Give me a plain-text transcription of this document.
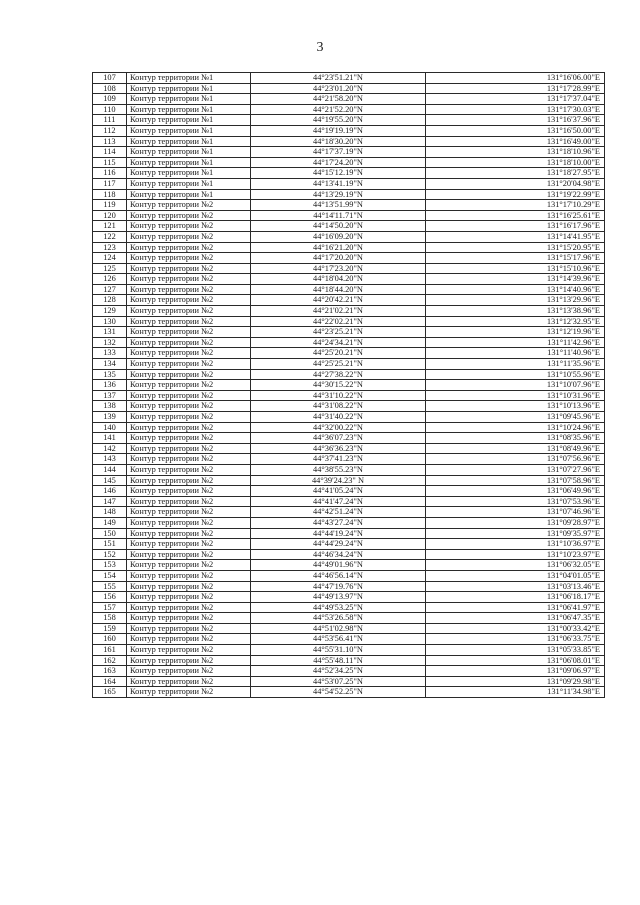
3
107	Контур территории №1	44°23'51.21"N	131°16'06.00"E
108	Контур территории №1	44°23'01.20"N	131°17'28.99"E
109	Контур территории №1	44°21'58.20"N	131°17'37.04"E
110	Контур территории №1	44°21'52.20"N	131°17'30.03"E
111	Контур территории №1	44°19'55.20"N	131°16'37.96"E
112	Контур территории №1	44°19'19.19"N	131°16'50.00"E
113	Контур территории №1	44°18'30.20"N	131°16'49.00"E
114	Контур территории №1	44°17'37.19"N	131°18'10.96"E
115	Контур территории №1	44°17'24.20"N	131°18'10.00"E
116	Контур территории №1	44°15'12.19"N	131°18'27.95"E
117	Контур территории №1	44°13'41.19"N	131°20'04.98"E
118	Контур территории №1	44°13'29.19"N	131°19'22.99"E
119	Контур территории №2	44°13'51.99"N	131°17'10.29"E
120	Контур территории №2	44°14'11.71"N	131°16'25.61"E
121	Контур территории №2	44°14'50.20"N	131°16'17.96"E
122	Контур территории №2	44°16'09.20"N	131°14'41.95"E
123	Контур территории №2	44°16'21.20"N	131°15'20.95"E
124	Контур территории №2	44°17'20.20"N	131°15'17.96"E
125	Контур территории №2	44°17'23.20"N	131°15'10.96"E
126	Контур территории №2	44°18'04.20"N	131°14'39.96"E
127	Контур территории №2	44°18'44.20"N	131°14'40.96"E
128	Контур территории №2	44°20'42.21"N	131°13'29.96"E
129	Контур территории №2	44°21'02.21"N	131°13'38.96"E
130	Контур территории №2	44°22'02.21"N	131°12'32.95"E
131	Контур территории №2	44°23'25.21"N	131°12'19.96"E
132	Контур территории №2	44°24'34.21"N	131°11'42.96"E
133	Контур территории №2	44°25'20.21"N	131°11'40.96"E
134	Контур территории №2	44°25'25.21"N	131°11'35.96"E
135	Контур территории №2	44°27'38.22"N	131°10'55.96"E
136	Контур территории №2	44°30'15.22"N	131°10'07.96"E
137	Контур территории №2	44°31'10.22"N	131°10'31.96"E
138	Контур территории №2	44°31'08.22"N	131°10'13.96"E
139	Контур территории №2	44°31'40.22"N	131°09'45.96"E
140	Контур территории №2	44°32'00.22"N	131°10'24.96"E
141	Контур территории №2	44°36'07.23"N	131°08'35.96"E
142	Контур территории №2	44°36'36.23"N	131°08'49.96"E
143	Контур территории №2	44°37'41.23"N	131°07'56.96"E
144	Контур территории №2	44°38'55.23"N	131°07'27.96"E
145	Контур территории №2	44°39'24.23" N	131°07'58.96"E
146	Контур территории №2	44°41'05.24"N	131°06'49.96"E
147	Контур территории №2	44°41'47.24"N	131°07'53.96"E
148	Контур территории №2	44°42'51.24"N	131°07'46.96"E
149	Контур территории №2	44°43'27.24"N	131°09'28.97"E
150	Контур территории №2	44°44'19.24"N	131°09'35.97"E
151	Контур территории №2	44°44'29.24"N	131°10'36.97"E
152	Контур территории №2	44°46'34.24"N	131°10'23.97"E
153	Контур территории №2	44°49'01.96"N	131°06'32.05"E
154	Контур территории №2	44°46'56.14"N	131°04'01.05"E
155	Контур территории №2	44°47'19.76"N	131°03'13.46"E
156	Контур территории №2	44°49'13.97"N	131°06'18.17"E
157	Контур территории №2	44°49'53.25"N	131°06'41.97"E
158	Контур территории №2	44°53'26.58"N	131°06'47.35"E
159	Контур территории №2	44°51'02.98"N	131°00'33.42"E
160	Контур территории №2	44°53'56.41"N	131°06'33.75"E
161	Контур территории №2	44°55'31.10"N	131°05'33.85"E
162	Контур территории №2	44°55'48.11"N	131°06'08.01"E
163	Контур территории №2	44°52'34.25"N	131°09'06.97"E
164	Контур территории №2	44°53'07.25"N	131°09'29.98"E
165	Контур территории №2	44°54'52.25"N	131°11'34.98"E
